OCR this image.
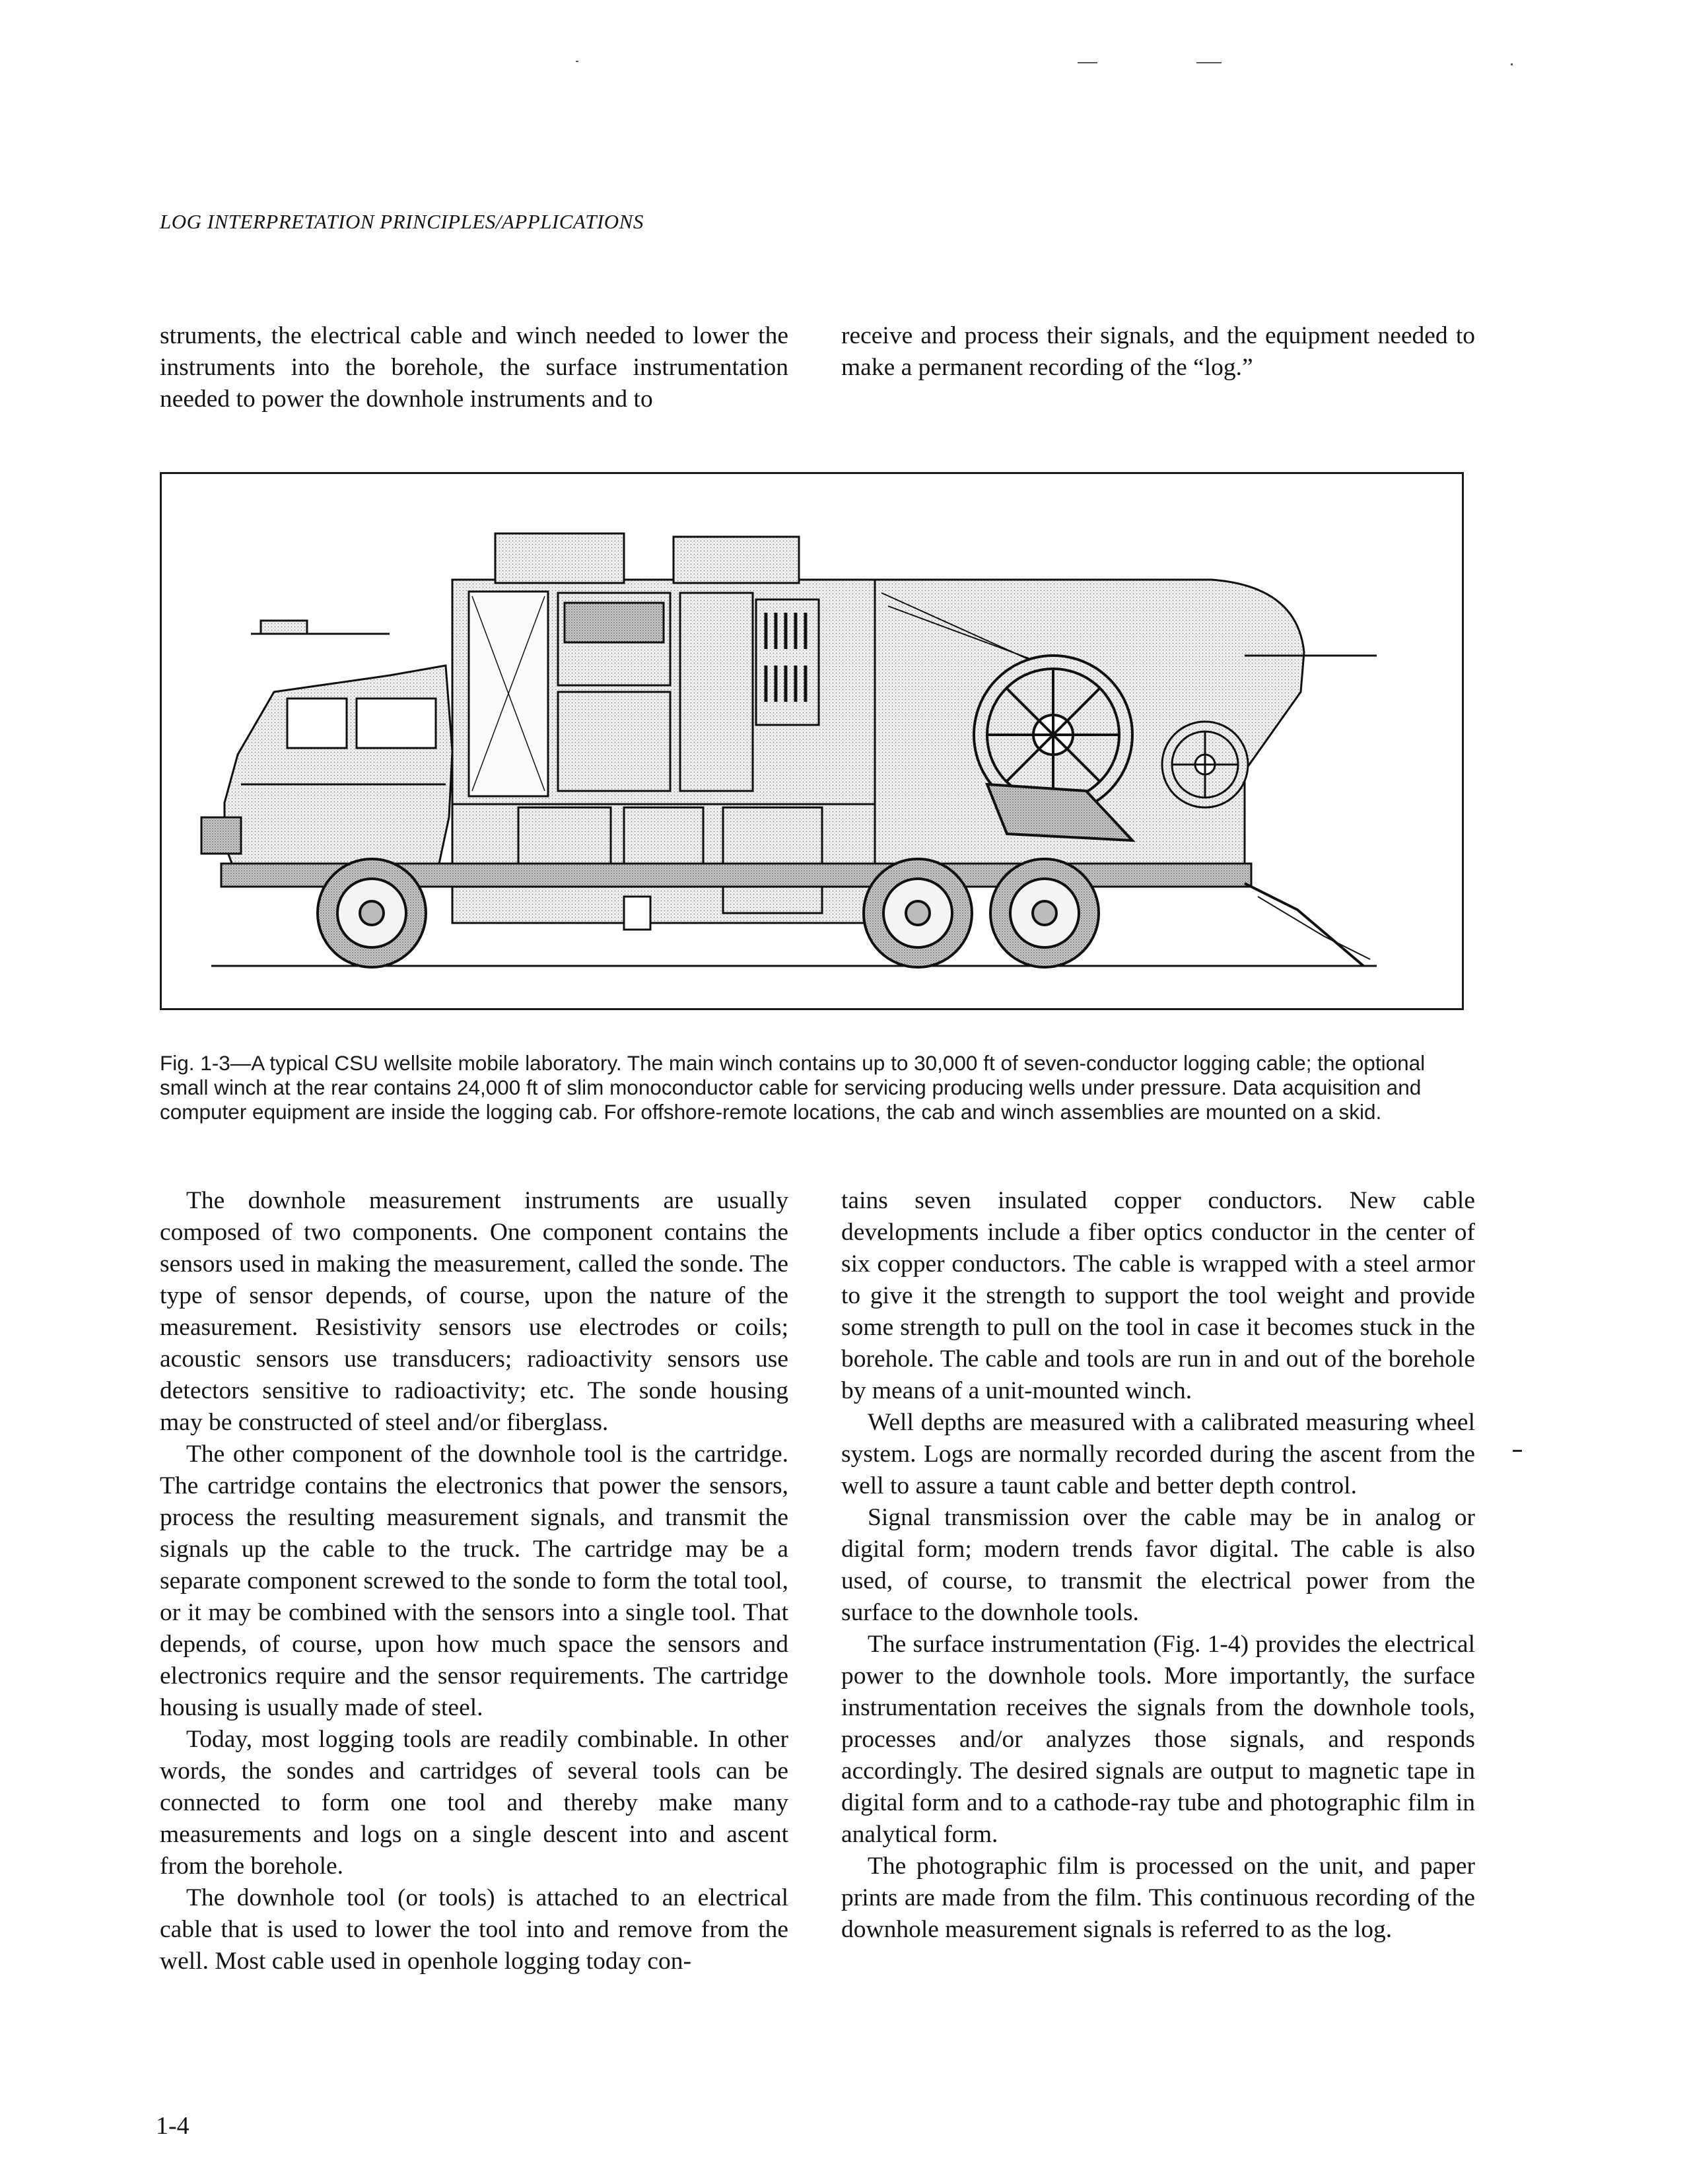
LOG INTERPRETATION PRINCIPLES/APPLICATIONS

struments, the electrical cable and winch needed to lower the instruments into the borehole, the surface instrumentation needed to power the downhole instruments and to

receive and process their signals, and the equipment needed to make a permanent recording of the “log.”

Fig. 1-3—A typical CSU wellsite mobile laboratory. The main winch contains up to 30,000 ft of seven-conductor logging cable; the optional small winch at the rear contains 24,000 ft of slim monoconductor cable for servicing producing wells under pressure. Data acquisition and computer equipment are inside the logging cab. For offshore-remote locations, the cab and winch assemblies are mounted on a skid.

The downhole measurement instruments are usually composed of two components. One component contains the sensors used in making the measurement, called the sonde. The type of sensor depends, of course, upon the nature of the measurement. Resistivity sensors use electrodes or coils; acoustic sensors use transducers; radioactivity sensors use detectors sensitive to radioactivity; etc. The sonde housing may be constructed of steel and/or fiberglass.

The other component of the downhole tool is the cartridge. The cartridge contains the electronics that power the sensors, process the resulting measurement signals, and transmit the signals up the cable to the truck. The cartridge may be a separate component screwed to the sonde to form the total tool, or it may be combined with the sensors into a single tool. That depends, of course, upon how much space the sensors and electronics require and the sensor requirements. The cartridge housing is usually made of steel.

Today, most logging tools are readily combinable. In other words, the sondes and cartridges of several tools can be connected to form one tool and thereby make many measurements and logs on a single descent into and ascent from the borehole.

The downhole tool (or tools) is attached to an electrical cable that is used to lower the tool into and remove from the well. Most cable used in openhole logging today con-

tains seven insulated copper conductors. New cable developments include a fiber optics conductor in the center of six copper conductors. The cable is wrapped with a steel armor to give it the strength to support the tool weight and provide some strength to pull on the tool in case it becomes stuck in the borehole. The cable and tools are run in and out of the borehole by means of a unit-mounted winch.

Well depths are measured with a calibrated measuring wheel system. Logs are normally recorded during the ascent from the well to assure a taunt cable and better depth control.

Signal transmission over the cable may be in analog or digital form; modern trends favor digital. The cable is also used, of course, to transmit the electrical power from the surface to the downhole tools.

The surface instrumentation (Fig. 1-4) provides the electrical power to the downhole tools. More importantly, the surface instrumentation receives the signals from the downhole tools, processes and/or analyzes those signals, and responds accordingly. The desired signals are output to magnetic tape in digital form and to a cathode-ray tube and photographic film in analytical form.

The photographic film is processed on the unit, and paper prints are made from the film. This continuous recording of the downhole measurement signals is referred to as the log.

1-4
